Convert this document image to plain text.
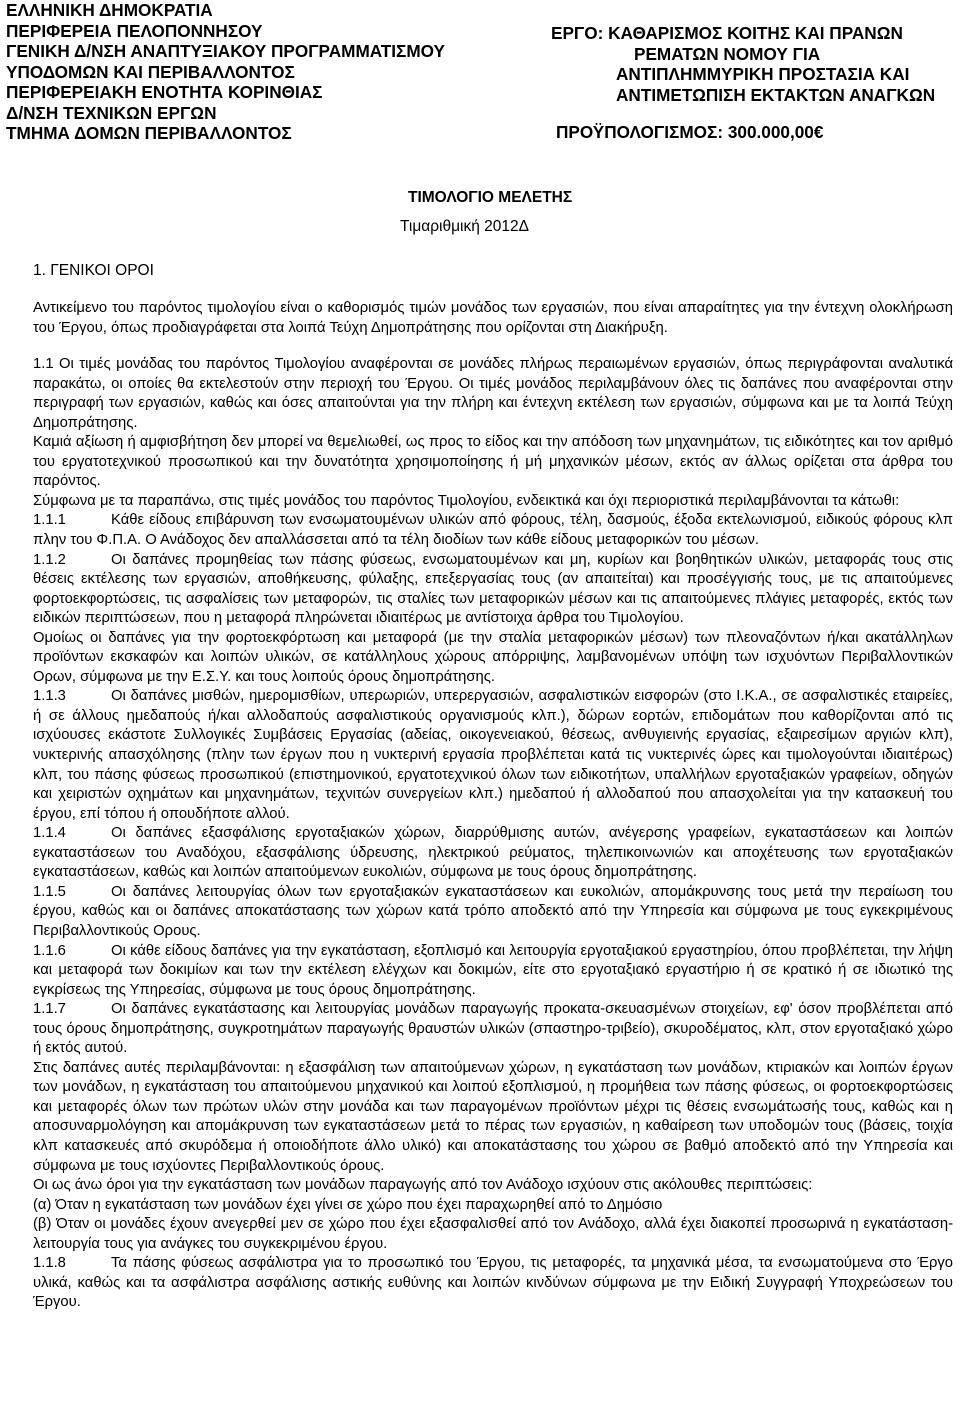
ΕΛΛΗΝΙΚΗ ΔΗΜΟΚΡΑΤΙΑ
ΠΕΡΙΦΕΡΕΙΑ ΠΕΛΟΠΟΝΝΗΣΟΥ
ΓΕΝΙΚΗ Δ/ΝΣΗ ΑΝΑΠΤΥΞΙΑΚΟΥ ΠΡΟΓΡΑΜΜΑΤΙΣΜΟΥ
ΥΠΟΔΟΜΩΝ ΚΑΙ ΠΕΡΙΒΑΛΛΟΝΤΟΣ
ΠΕΡΙΦΕΡΕΙΑΚΗ ΕΝΟΤΗΤΑ ΚΟΡΙΝΘΙΑΣ
Δ/ΝΣΗ ΤΕΧΝΙΚΩΝ ΕΡΓΩΝ
ΤΜΗΜΑ ΔΟΜΩΝ ΠΕΡΙΒΑΛΛΟΝΤΟΣ
ΕΡΓΟ: ΚΑΘΑΡΙΣΜΟΣ ΚΟΙΤΗΣ ΚΑΙ ΠΡΑΝΩΝ
ΡΕΜΑΤΩΝ ΝΟΜΟΥ ΓΙΑ
ΑΝΤΙΠΛΗΜΜΥΡΙΚΗ ΠΡΟΣΤΑΣΙΑ ΚΑΙ
ΑΝΤΙΜΕΤΩΠΙΣΗ ΕΚΤΑΚΤΩΝ ΑΝΑΓΚΩΝ
ΠΡΟΫΠΟΛΟΓΙΣΜΟΣ: 300.000,00€
ΤΙΜΟΛΟΓΙΟ ΜΕΛΕΤΗΣ
Τιμαριθμική 2012Δ
1. ΓΕΝΙΚΟΙ ΟΡΟΙ

Αντικείμενο του παρόντος τιμολογίου είναι ο καθορισμός τιμών μονάδος των εργασιών, που είναι απαραίτητες για την έντεχνη ολοκλήρωση του Έργου, όπως προδιαγράφεται στα λοιπά Τεύχη Δημοπράτησης που ορίζονται στη Διακήρυξη.

1.1 Οι τιμές μονάδας του παρόντος Τιμολογίου αναφέρονται σε μονάδες πλήρως περαιωμένων εργασιών, όπως περιγράφονται αναλυτικά παρακάτω, οι οποίες θα εκτελεστούν στην περιοχή του Έργου. Οι τιμές μονάδος περιλαμβάνουν όλες τις δαπάνες που αναφέρονται στην περιγραφή των εργασιών, καθώς και όσες απαιτούνται για την πλήρη και έντεχνη εκτέλεση των εργασιών, σύμφωνα και με τα λοιπά Τεύχη Δημοπράτησης.

Καμιά αξίωση ή αμφισβήτηση δεν μπορεί να θεμελιωθεί, ως προς το είδος και την απόδοση των μηχανημάτων, τις ειδικότητες και τον αριθμό του εργατοτεχνικού προσωπικού και την δυνατότητα χρησιμοποίησης ή μή μηχανικών μέσων, εκτός αν άλλως ορίζεται στα άρθρα του παρόντος.

Σύμφωνα με τα παραπάνω, στις τιμές μονάδος του παρόντος Τιμολογίου, ενδεικτικά και όχι περιοριστικά περιλαμβάνονται τα κάτωθι:

1.1.1	Κάθε είδους επιβάρυνση των ενσωματουμένων υλικών από φόρους, τέλη, δασμούς, έξοδα εκτελωνισμού, ειδικούς φόρους κλπ πλην του Φ.Π.Α. Ο Ανάδοχος δεν απαλλάσσεται από τα τέλη διοδίων των κάθε είδους μεταφορικών του μέσων.

1.1.2	Οι δαπάνες προμηθείας των πάσης φύσεως, ενσωματουμένων και μη, κυρίων και βοηθητικών υλικών, μεταφοράς τους στις θέσεις εκτέλεσης των εργασιών, αποθήκευσης, φύλαξης, επεξεργασίας τους (αν απαιτείται) και προσέγγισής τους, με τις απαιτούμενες φορτοεκφορτώσεις, τις ασφαλίσεις των μεταφορών, τις σταλίες των μεταφορικών μέσων και τις απαιτούμενες πλάγιες μεταφορές, εκτός των ειδικών περιπτώσεων, που η μεταφορά πληρώνεται ιδιαιτέρως με αντίστοιχα άρθρα του Τιμολογίου.

Ομοίως οι δαπάνες για την φορτοεκφόρτωση και μεταφορά (με την σταλία μεταφορικών μέσων) των πλεοναζόντων ή/και ακατάλληλων προϊόντων εκσκαφών και λοιπών υλικών, σε κατάλληλους χώρους απόρριψης, λαμβανομένων υπόψη των ισχυόντων Περιβαλλοντικών Ορων, σύμφωνα με την Ε.Σ.Υ. και τους λοιπούς όρους δημοπράτησης.

1.1.3	Οι δαπάνες μισθών, ημερομισθίων, υπερωριών, υπερεργασιών, ασφαλιστικών εισφορών (στο Ι.Κ.Α., σε ασφαλιστικές εταιρείες, ή σε άλλους ημεδαπούς ή/και αλλοδαπούς ασφαλιστικούς οργανισμούς κλπ.), δώρων εορτών, επιδομάτων που καθορίζονται από τις ισχύουσες εκάστοτε Συλλογικές Συμβάσεις Εργασίας (αδείας, οικογενειακού, θέσεως, ανθυγιεινής εργασίας, εξαιρεσίμων αργιών κλπ), νυκτερινής απασχόλησης (πλην των έργων που η νυκτερινή εργασία προβλέπεται κατά τις νυκτερινές ώρες και τιμολογούνται ιδιαιτέρως) κλπ, του πάσης φύσεως προσωπικού (επιστημονικού, εργατοτεχνικού όλων των ειδικοτήτων, υπαλλήλων εργοταξιακών γραφείων, οδηγών και χειριστών οχημάτων και μηχανημάτων, τεχνιτών συνεργείων κλπ.) ημεδαπού ή αλλοδαπού που απασχολείται για την κατασκευή του έργου, επί τόπου ή οπουδήποτε αλλού.

1.1.4	Οι δαπάνες εξασφάλισης εργοταξιακών χώρων, διαρρύθμισης αυτών, ανέγερσης γραφείων, εγκαταστάσεων και λοιπών εγκαταστάσεων του Αναδόχου, εξασφάλισης ύδρευσης, ηλεκτρικού ρεύματος, τηλεπικοινωνιών και αποχέτευσης των εργοταξιακών εγκαταστάσεων, καθώς και λοιπών απαιτούμενων ευκολιών, σύμφωνα με τους όρους δημοπράτησης.

1.1.5	Οι δαπάνες λειτουργίας όλων των εργοταξιακών εγκαταστάσεων και ευκολιών, απομάκρυνσης τους μετά την περαίωση του έργου, καθώς και οι δαπάνες αποκατάστασης των χώρων κατά τρόπο αποδεκτό από την Υπηρεσία και σύμφωνα με τους εγκεκριμένους Περιβαλλοντικούς Ορους.

1.1.6	Οι κάθε είδους δαπάνες για την εγκατάσταση, εξοπλισμό και λειτουργία εργοταξιακού εργαστηρίου, όπου προβλέπεται, την λήψη και μεταφορά των δοκιμίων και των την εκτέλεση ελέγχων και δοκιμών, είτε στο εργοταξιακό εργαστήριο ή σε κρατικό ή σε ιδιωτικό της εγκρίσεως της Υπηρεσίας, σύμφωνα με τους όρους δημοπράτησης.

1.1.7	Οι δαπάνες εγκατάστασης και λειτουργίας μονάδων παραγωγής προκατα-σκευασμένων στοιχείων, εφ' όσον προβλέπεται από τους όρους δημοπράτησης, συγκροτημάτων παραγωγής θραυστών υλικών (σπαστηρο-τριβείο), σκυροδέματος, κλπ, στον εργοταξιακό χώρο ή εκτός αυτού.

Στις δαπάνες αυτές περιλαμβάνονται: η εξασφάλιση των απαιτούμενων χώρων, η εγκατάσταση των μονάδων, κτιριακών και λοιπών έργων των μονάδων, η εγκατάσταση του απαιτούμενου μηχανικού και λοιπού εξοπλισμού, η προμήθεια των πάσης φύσεως, οι φορτοεκφορτώσεις και μεταφορές όλων των πρώτων υλών στην μονάδα και των παραγομένων προϊόντων μέχρι τις θέσεις ενσωμάτωσής τους, καθώς και η αποσυναρμολόγηση και απομάκρυνση των εγκαταστάσεων μετά το πέρας των εργασιών, η καθαίρεση των υποδομών τους (βάσεις, τοιχία κλπ κατασκευές από σκυρόδεμα ή οποιοδήποτε άλλο υλικό) και αποκατάστασης του χώρου σε βαθμό αποδεκτό από την Υπηρεσία και σύμφωνα με τους ισχύοντες Περιβαλλοντικούς όρους.

Οι ως άνω όροι για την εγκατάσταση των μονάδων παραγωγής από τον Ανάδοχο ισχύουν στις ακόλουθες περιπτώσεις:

(α) Όταν η εγκατάσταση των μονάδων έχει γίνει σε χώρο που έχει παραχωρηθεί από το Δημόσιο

(β) Όταν οι μονάδες έχουν ανεγερθεί μεν σε χώρο που έχει εξασφαλισθεί από τον Ανάδοχο, αλλά έχει διακοπεί προσωρινά η εγκατάσταση-λειτουργία τους για ανάγκες του συγκεκριμένου έργου.

1.1.8	Τα πάσης φύσεως ασφάλιστρα για το προσωπικό του Έργου, τις μεταφορές, τα μηχανικά μέσα, τα ενσωματούμενα στο Έργο υλικά, καθώς και τα ασφάλιστρα ασφάλισης αστικής ευθύνης και λοιπών κινδύνων σύμφωνα με την Ειδική Συγγραφή Υποχρεώσεων του Έργου.
